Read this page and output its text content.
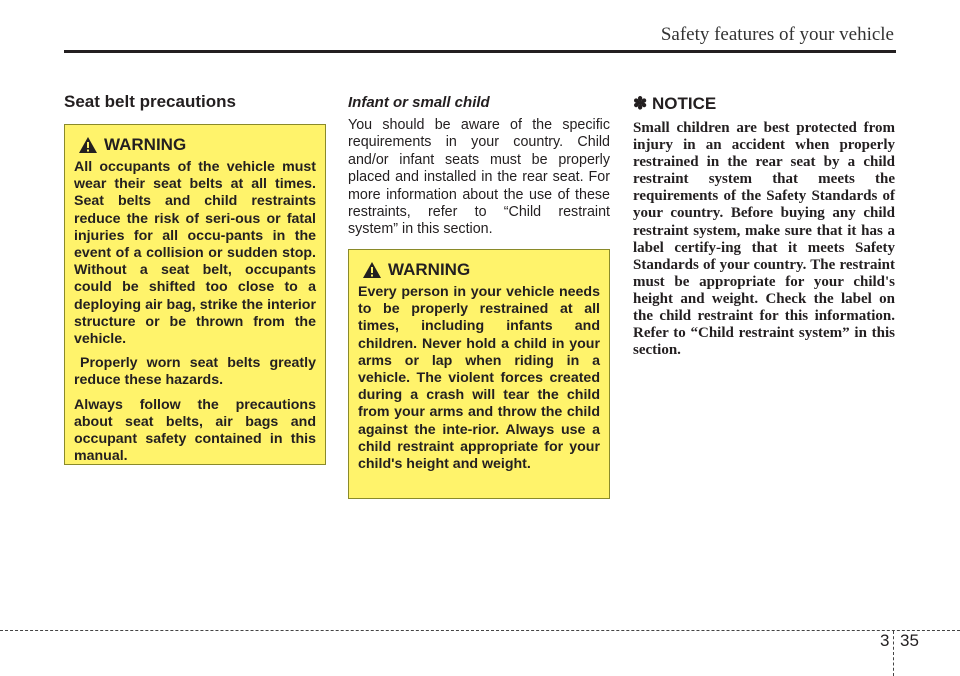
Safety features of your vehicle
Seat belt precautions
WARNING

All occupants of the vehicle must wear their seat belts at all times. Seat belts and child restraints reduce the risk of seri-ous or fatal injuries for all occu-pants in the event of a collision or sudden stop. Without a seat belt, occupants could be shifted too close to a deploying air bag, strike the interior structure or be thrown from the vehicle.

Properly worn seat belts greatly reduce these hazards.

Always follow the precautions about seat belts, air bags and occupant safety contained in this manual.

Infant or small child

You should be aware of the specific requirements in your country. Child and/or infant seats must be properly placed and installed in the rear seat. For more information about the use of these restraints, refer to “Child restraint system” in this section.

WARNING

Every person in your vehicle needs to be properly restrained at all times, including infants and children. Never hold a child in your arms or lap when riding in a vehicle. The violent forces created during a crash will tear the child from your arms and throw the child against the inte-rior. Always use a child restraint appropriate for your child's height and weight.

✽ NOTICE

Small children are best protected from injury in an accident when properly restrained in the rear seat by a child restraint system that meets the requirements of the Safety Standards of your country. Before buying any child restraint system, make sure that it has a label certify-ing that it meets Safety Standards of your country. The restraint must be appropriate for your child's height and weight. Check the label on the child restraint for this information. Refer to “Child restraint system” in this section.

3 35
